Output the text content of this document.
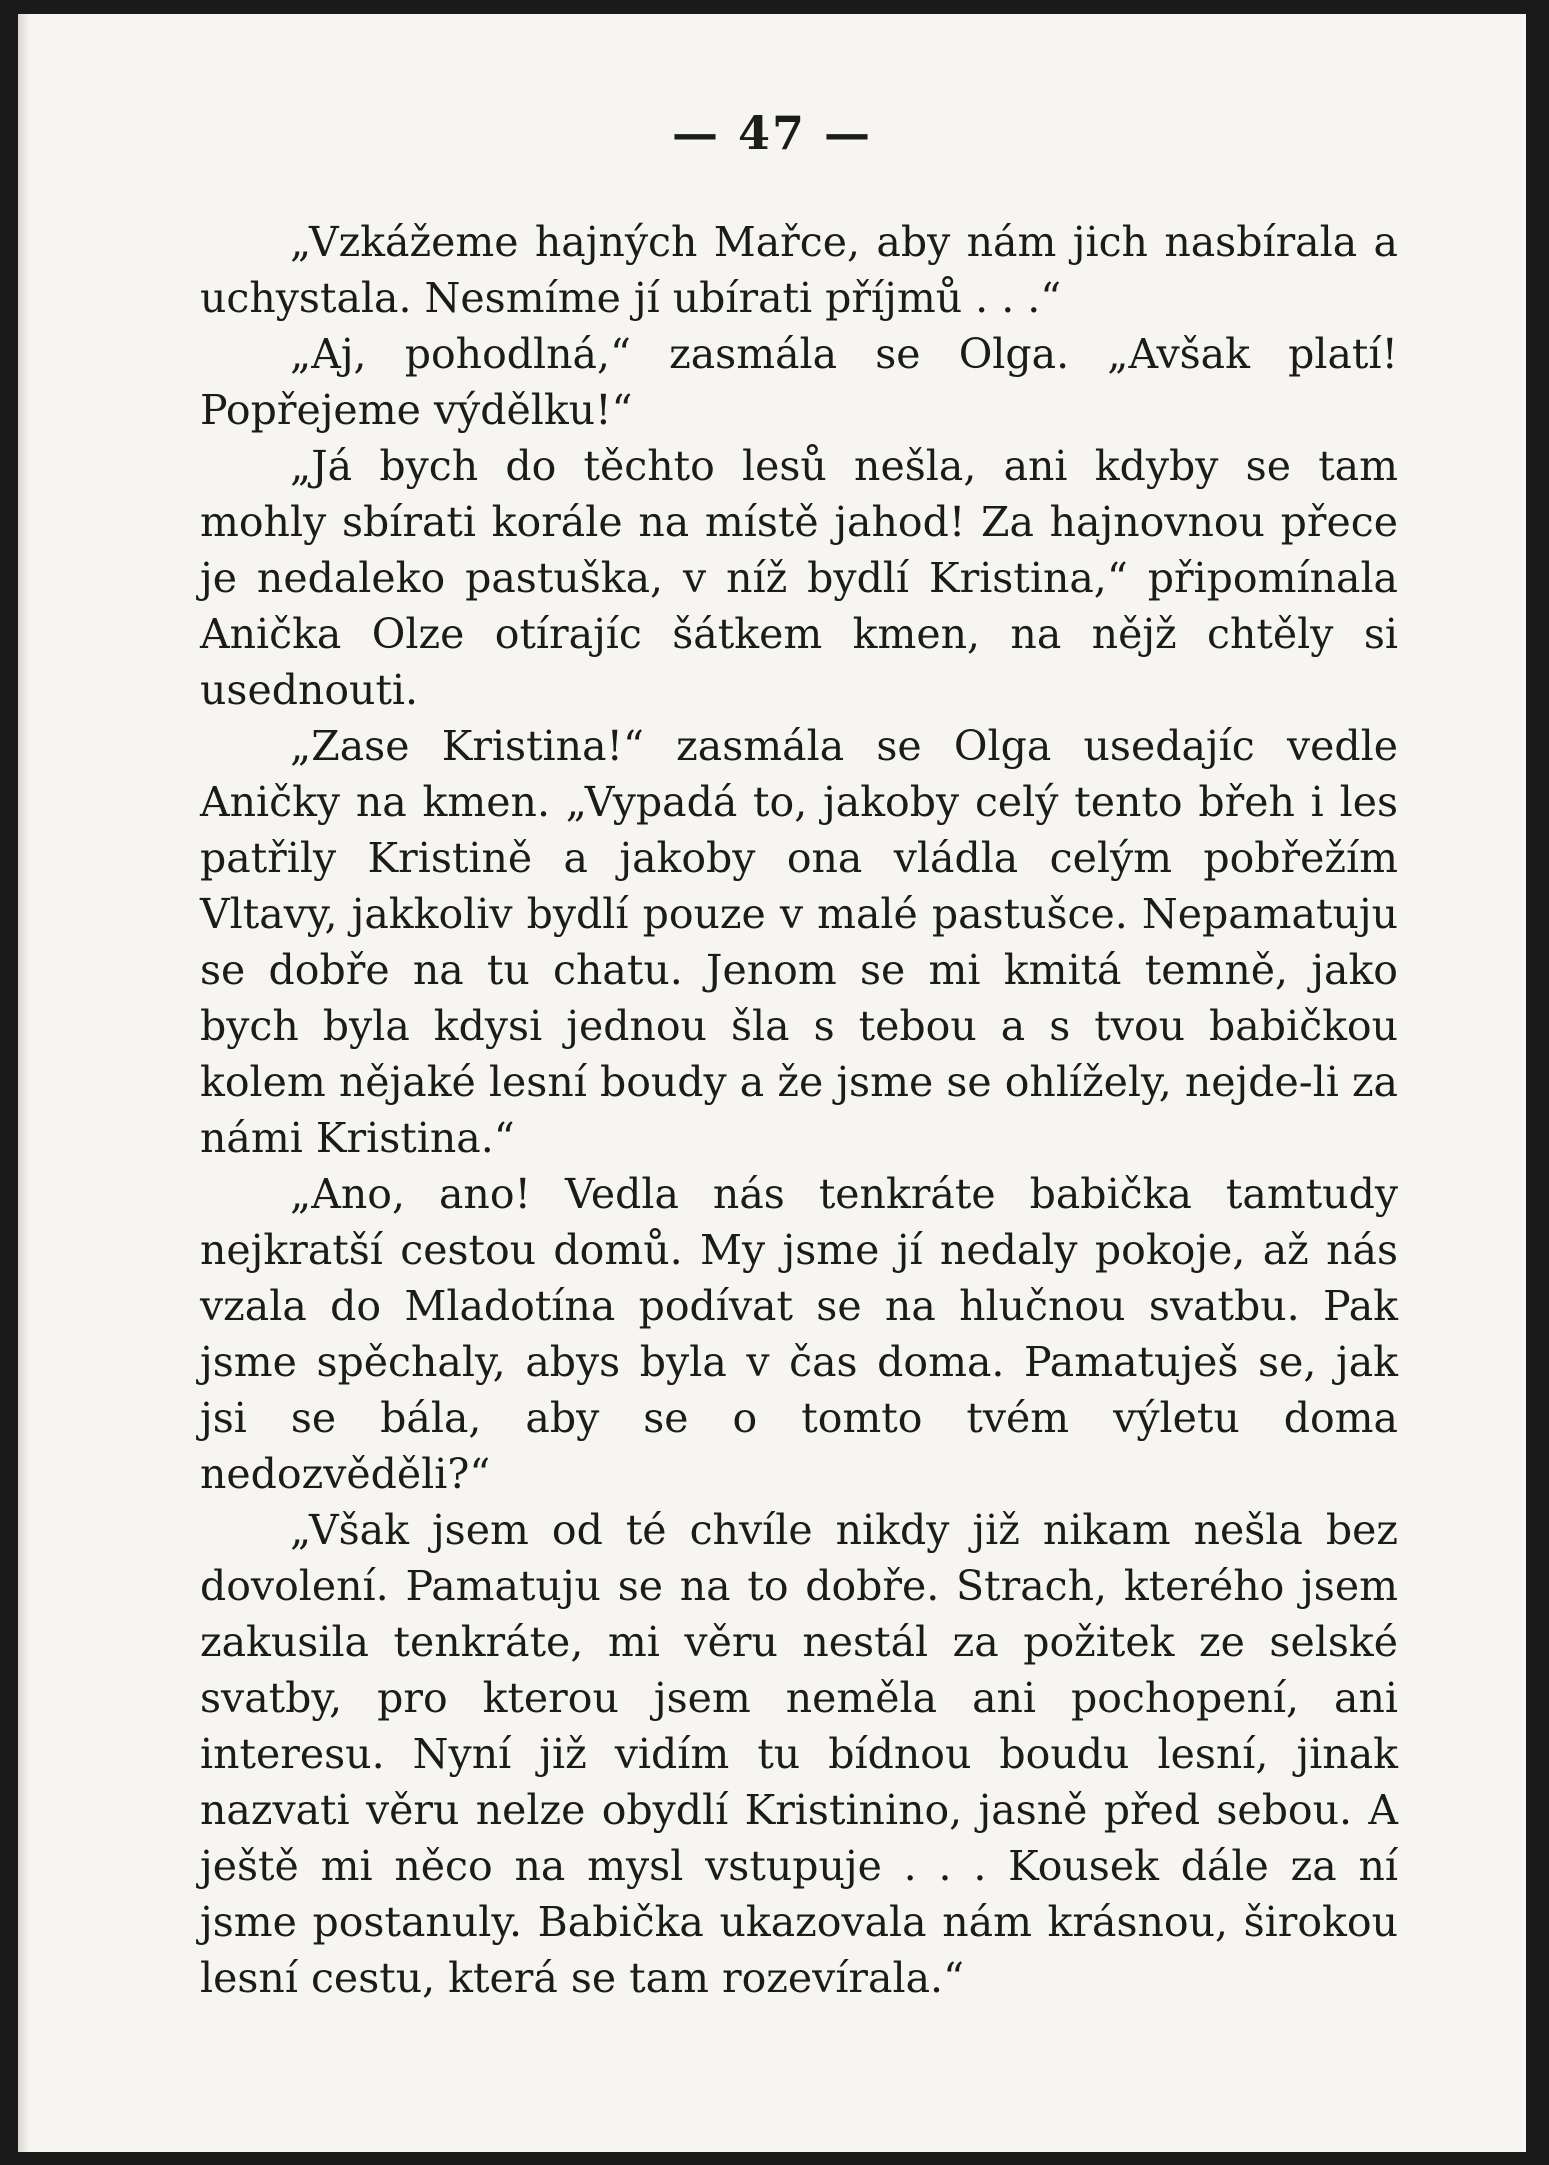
— 47 —

„Vzkážeme hajných Mařce, aby nám jich nasbírala a uchystala. Nesmíme jí ubírati příjmů . . .“

„Aj, pohodlná,“ zasmála se Olga. „Avšak platí! Popřejeme výdělku!“

„Já bych do těchto lesů nešla, ani kdyby se tam mohly sbírati korále na místě jahod! Za hajnovnou přece je nedaleko pastuška, v níž bydlí Kristina,“ připomínala Anička Olze otírajíc šátkem kmen, na nějž chtěly si usednouti.

„Zase Kristina!“ zasmála se Olga usedajíc vedle Aničky na kmen. „Vypadá to, jakoby celý tento břeh i les patřily Kristině a jakoby ona vládla celým pobřežím Vltavy, jakkoliv bydlí pouze v malé pastušce. Nepamatuju se dobře na tu chatu. Jenom se mi kmitá temně, jako bych byla kdysi jednou šla s tebou a s tvou babičkou kolem nějaké lesní boudy a že jsme se ohlížely, nejde-li za námi Kristina.“

„Ano, ano! Vedla nás tenkráte babička tamtudy nejkratší cestou domů. My jsme jí nedaly pokoje, až nás vzala do Mladotína podívat se na hlučnou svatbu. Pak jsme spěchaly, abys byla v čas doma. Pamatuješ se, jak jsi se bála, aby se o tomto tvém výletu doma nedozvěděli?“

„Však jsem od té chvíle nikdy již nikam nešla bez dovolení. Pamatuju se na to dobře. Strach, kterého jsem zakusila tenkráte, mi věru nestál za požitek ze selské svatby, pro kterou jsem neměla ani pochopení, ani interesu. Nyní již vidím tu bídnou boudu lesní, jinak nazvati věru nelze obydlí Kristinino, jasně před sebou. A ještě mi něco na mysl vstupuje . . . Kousek dále za ní jsme postanuly. Babička ukazovala nám krásnou, širokou lesní cestu, která se tam rozevírala.“
